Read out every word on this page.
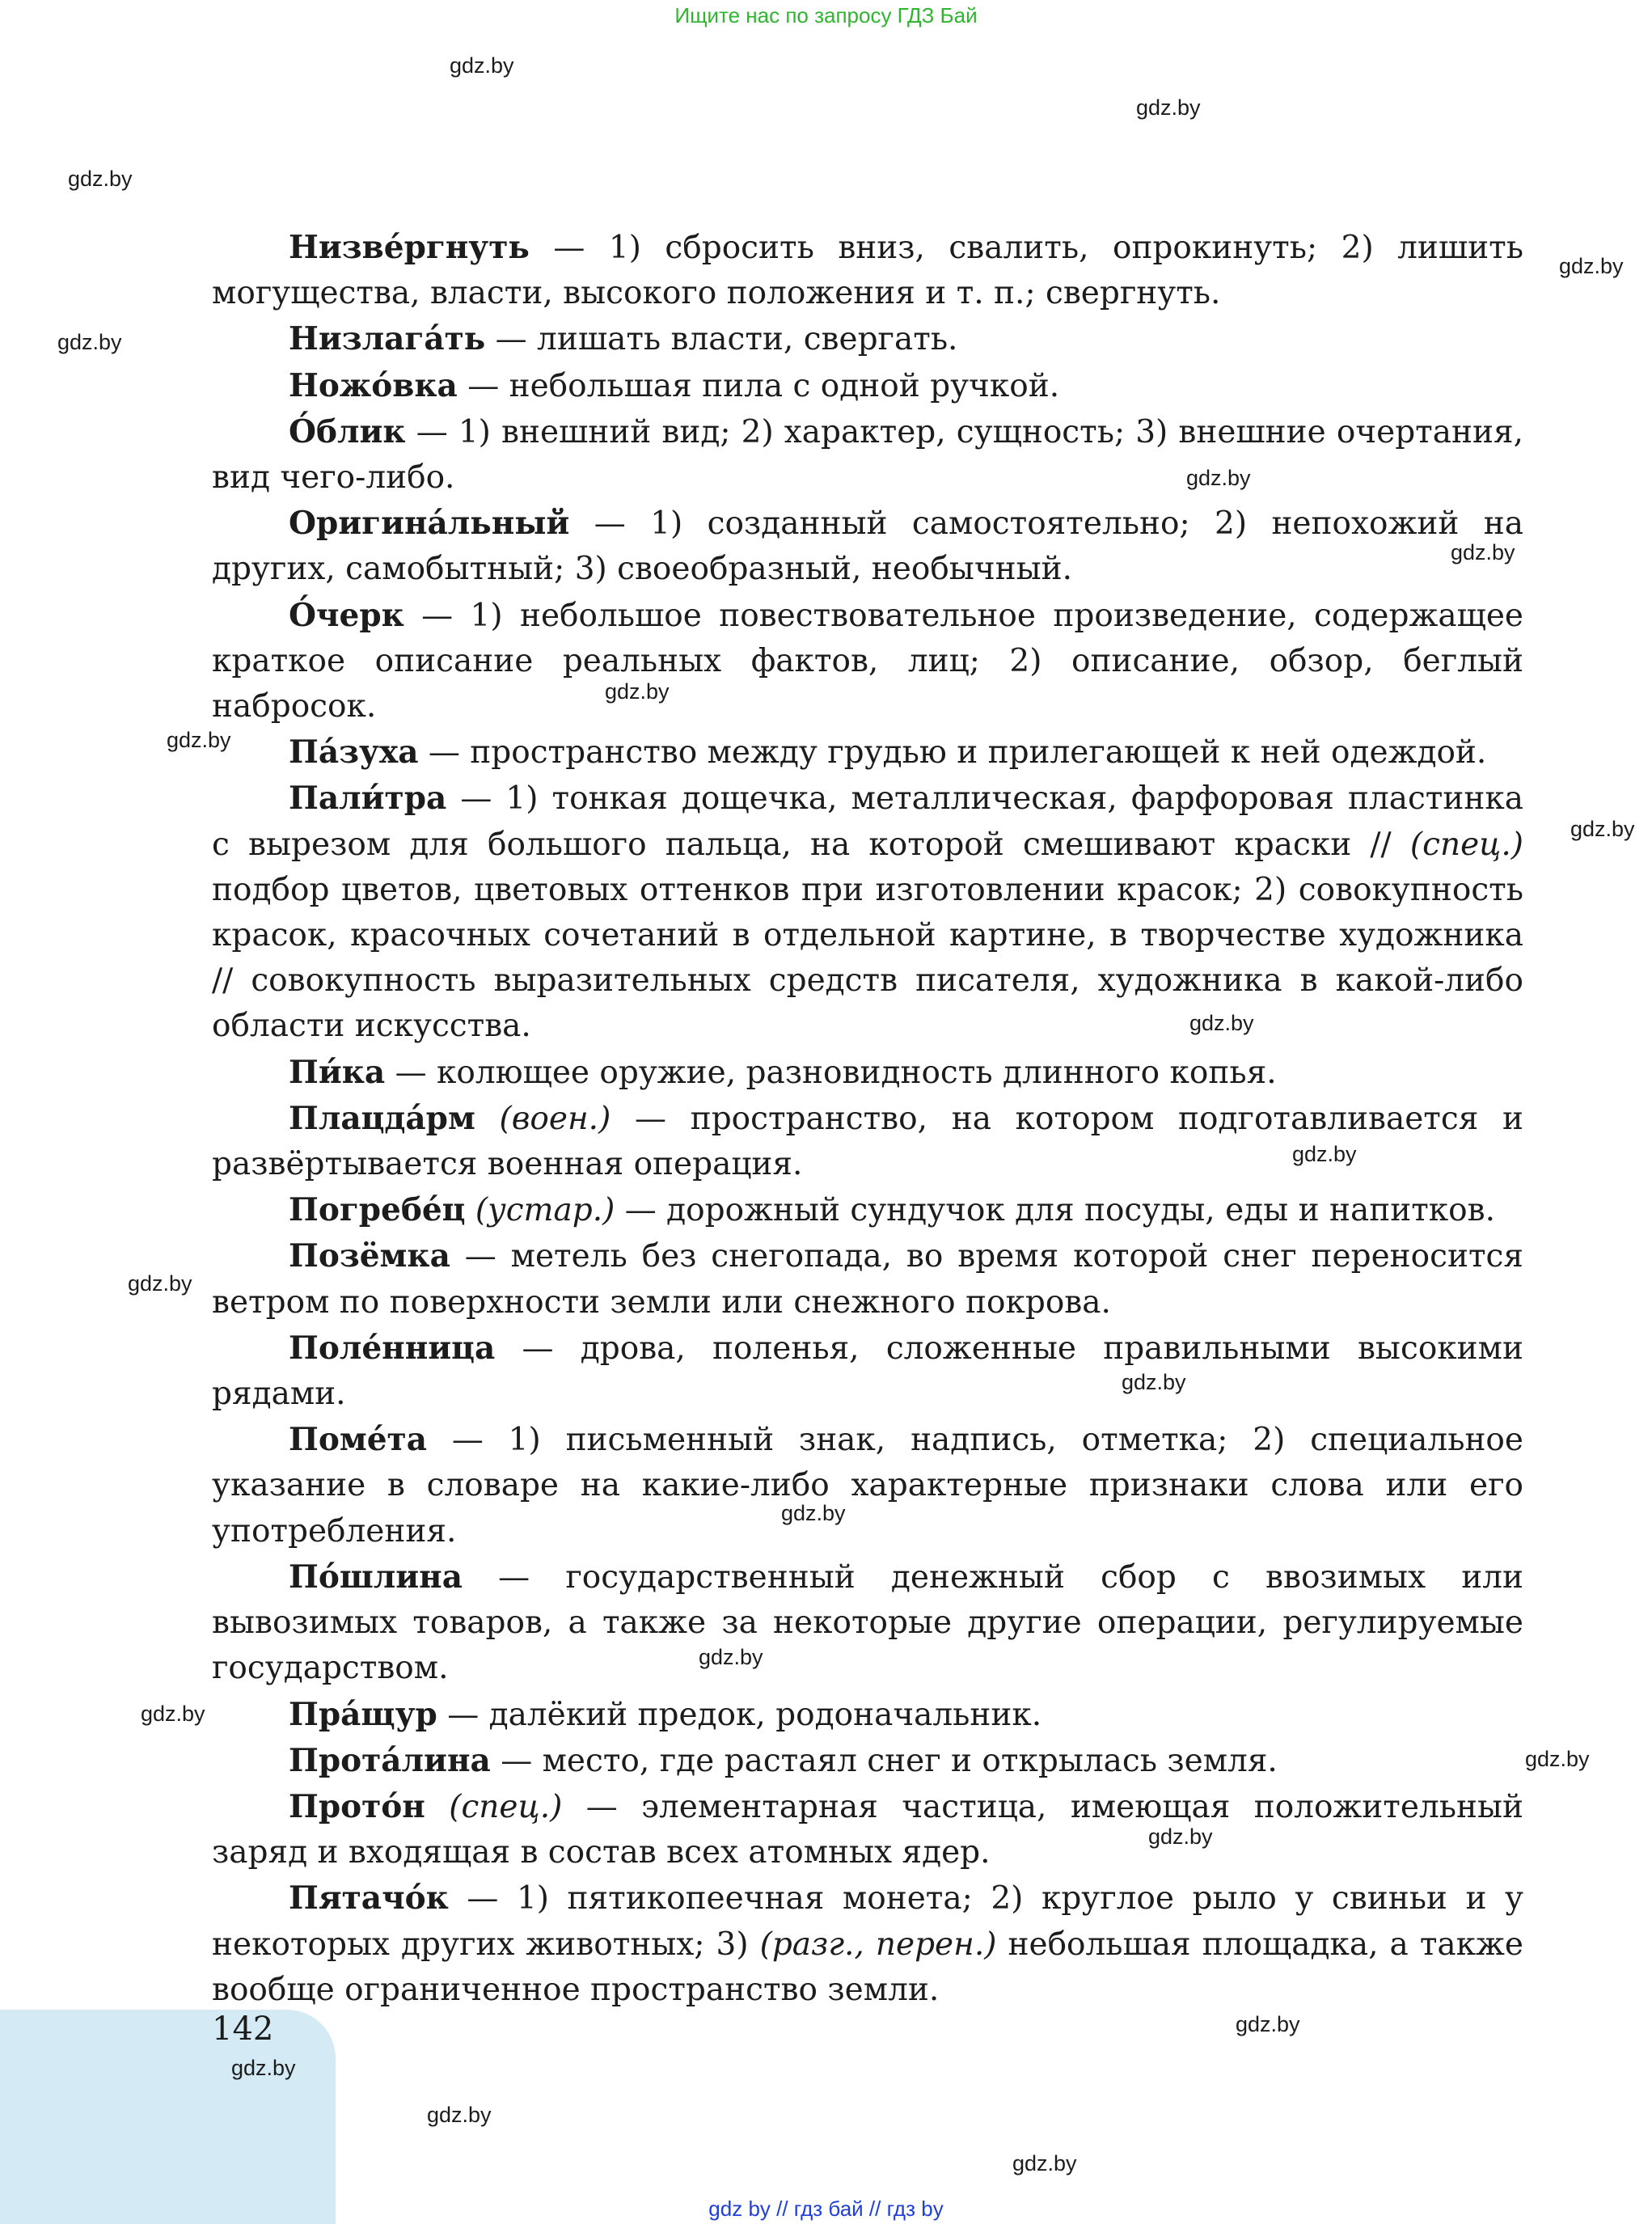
Ищите нас по запросу ГДЗ Бай
gdz.by
gdz.by
gdz.by
gdz.by
gdz.by
gdz.by
gdz.by
gdz.by
gdz.by
gdz.by
gdz.by
gdz.by
gdz.by
gdz.by
gdz.by
gdz.by
gdz.by
gdz.by
gdz.by
gdz.by
gdz.by
gdz.by

Низве́ргнуть — 1) сбросить вниз, свалить, опрокинуть; 2) лишить могущества, власти, высокого положения и т. п.; свергнуть.

Низлага́ть — лишать власти, свергать.

Ножо́вка — небольшая пила с одной ручкой.

О́блик — 1) внешний вид; 2) характер, сущность; 3) внешние очертания, вид чего-либо.

Оригина́льный — 1) созданный самостоятельно; 2) непохожий на других, самобытный; 3) своеобразный, необычный.

О́черк — 1) небольшое повествовательное произведение, содержащее краткое описание реальных фактов, лиц; 2) описание, обзор, беглый набросок.

Па́зуха — пространство между грудью и прилегающей к ней одеждой.

Пали́тра — 1) тонкая дощечка, металлическая, фарфоровая пластинка с вырезом для большого пальца, на которой смешивают краски // (спец.) подбор цветов, цветовых оттенков при изготовлении красок; 2) совокупность красок, красочных сочетаний в отдельной картине, в творчестве художника // совокупность выразительных средств писателя, художника в какой-либо области искусства.

Пи́ка — колющее оружие, разновидность длинного копья.

Плацда́рм (воен.) — пространство, на котором подготавливается и развёртывается военная операция.

Погребе́ц (устар.) — дорожный сундучок для посуды, еды и напитков.

Позёмка — метель без снегопада, во время которой снег переносится ветром по поверхности земли или снежного покрова.

Поле́нница — дрова, поленья, сложенные правильными высокими рядами.

Поме́та — 1) письменный знак, надпись, отметка; 2) специальное указание в словаре на какие-либо характерные признаки слова или его употребления.

По́шлина — государственный денежный сбор с ввозимых или вывозимых товаров, а также за некоторые другие операции, регулируемые государством.

Пра́щур — далёкий предок, родоначальник.

Прота́лина — место, где растаял снег и открылась земля.

Прото́н (спец.) — элементарная частица, имеющая положительный заряд и входящая в состав всех атомных ядер.

Пятачо́к — 1) пятикопеечная монета; 2) круглое рыло у свиньи и у некоторых других животных; 3) (разг., перен.) небольшая площадка, а также вообще ограниченное пространство земли.

142
gdz.by
gdz by // гдз бай // гдз by
